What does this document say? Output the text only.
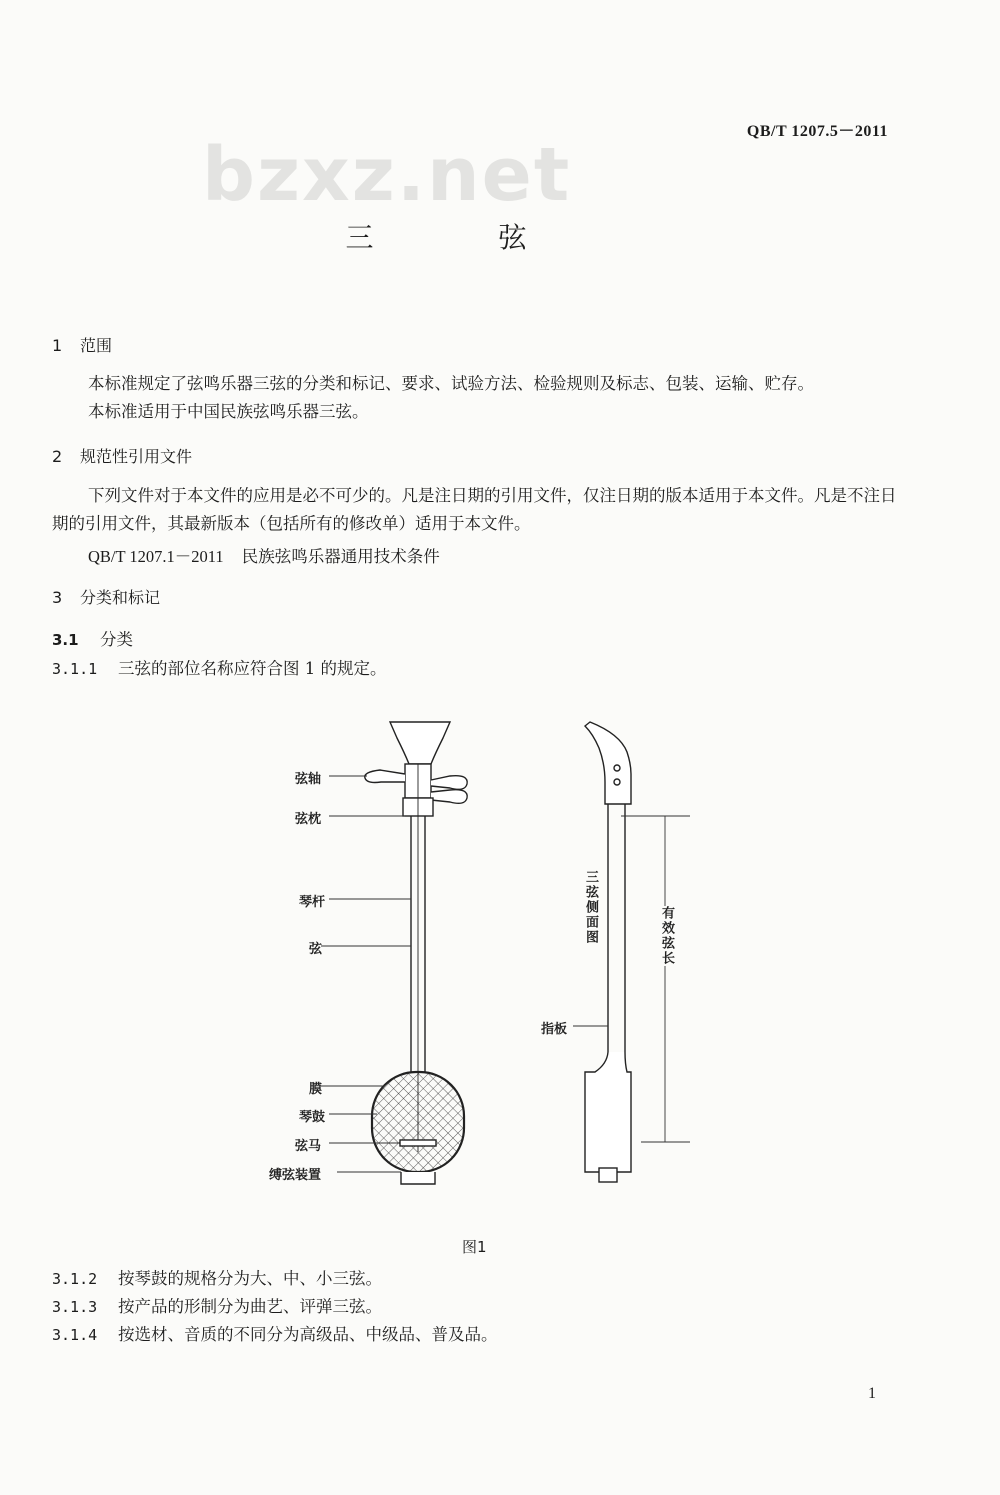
bzxz.net
QB/T 1207.5－2011
三 弦
1 范围
本标准规定了弦鸣乐器三弦的分类和标记、要求、试验方法、检验规则及标志、包装、运输、贮存。
本标准适用于中国民族弦鸣乐器三弦。
2 规范性引用文件
下列文件对于本文件的应用是必不可少的。凡是注日期的引用文件，仅注日期的版本适用于本文件。凡是不注日期的引用文件，其最新版本（包括所有的修改单）适用于本文件。
QB/T 1207.1－2011 民族弦鸣乐器通用技术条件
3 分类和标记
3.1 分类
3.1.1 三弦的部位名称应符合图 1 的规定。
弦轴
弦枕
琴杆
弦
膜
琴鼓
弦马
缚弦装置
三弦侧面图	有效弦长
指板
图1
3.1.2 按琴鼓的规格分为大、中、小三弦。
3.1.3 按产品的形制分为曲艺、评弹三弦。
3.1.4 按选材、音质的不同分为高级品、中级品、普及品。
1
